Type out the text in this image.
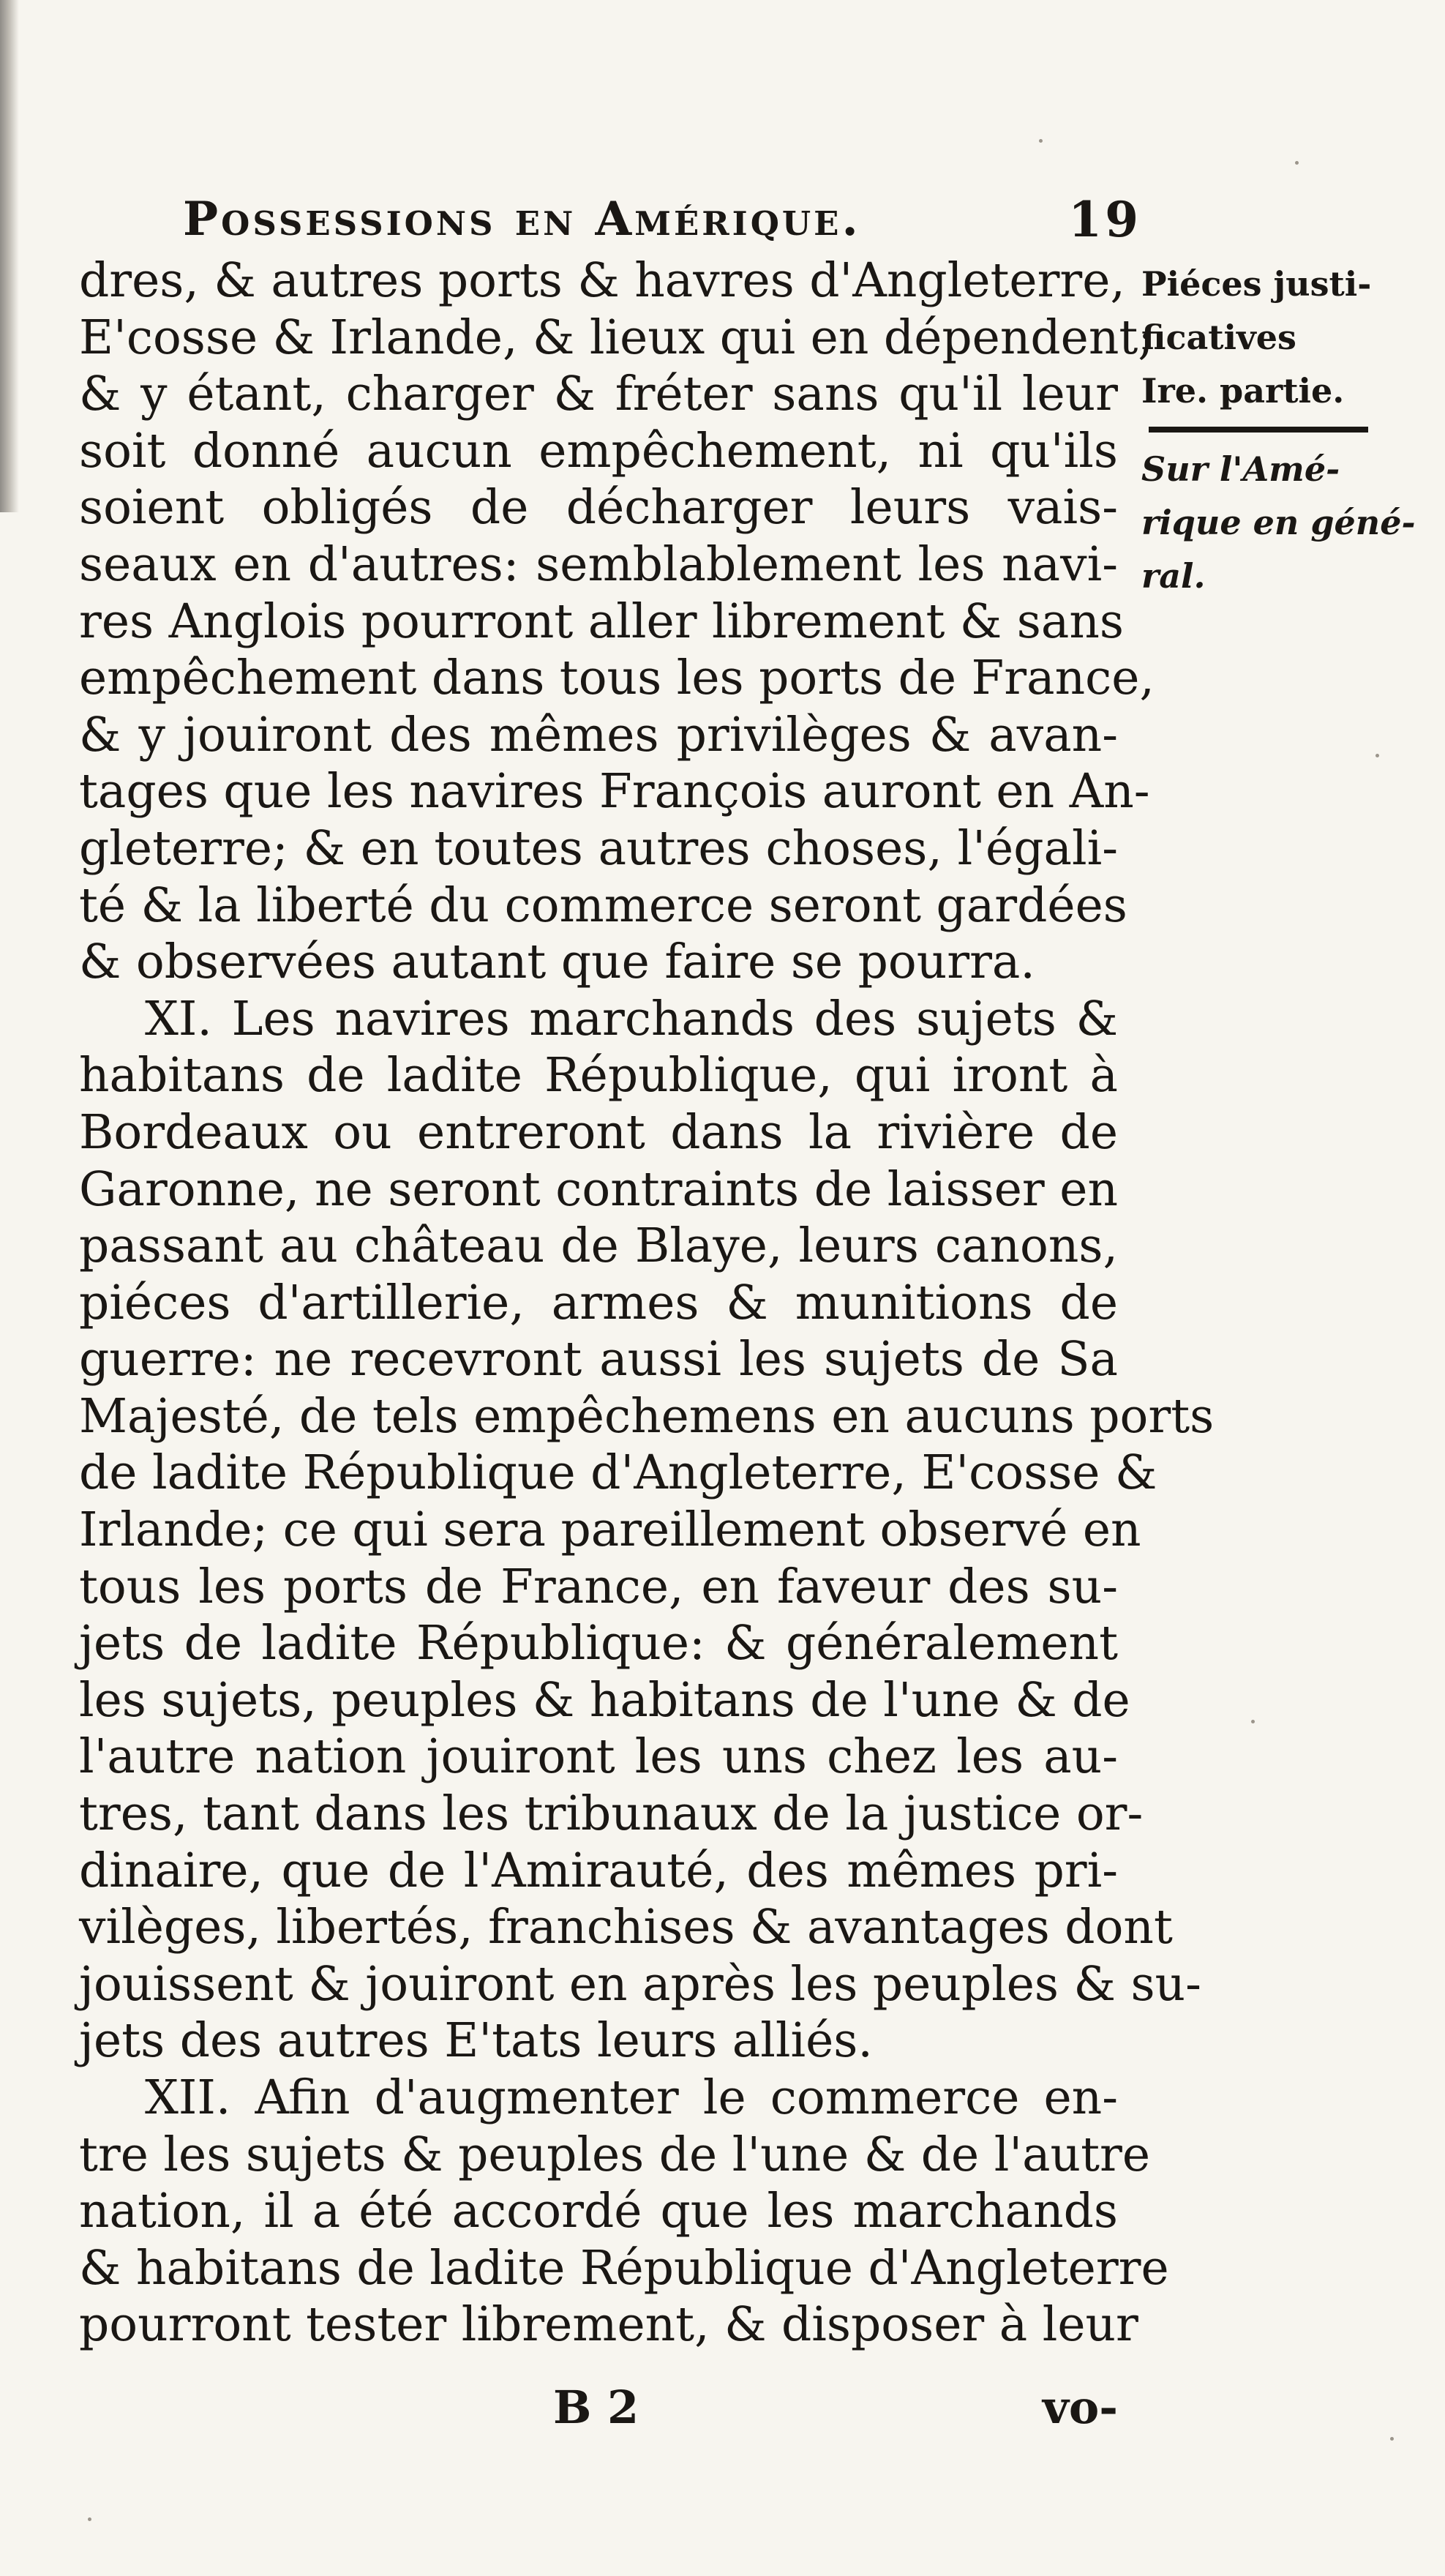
Possessions en Amérique.	19
dres, & autres ports & havres d'Angleterre,
E'cosse & Irlande, & lieux qui en dépendent;
& y étant, charger & fréter sans qu'il leur
soit donné aucun empêchement, ni qu'ils
soient obligés de décharger leurs vais-
seaux en d'autres: semblablement les navi-
res Anglois pourront aller librement & sans
empêchement dans tous les ports de France,
& y jouiront des mêmes privilèges & avan-
tages que les navires François auront en An-
gleterre; & en toutes autres choses, l'égali-
té & la liberté du commerce seront gardées
& observées autant que faire se pourra.
XI. Les navires marchands des sujets &
habitans de ladite République, qui iront à
Bordeaux ou entreront dans la rivière de
Garonne, ne seront contraints de laisser en
passant au château de Blaye, leurs canons,
piéces d'artillerie, armes & munitions de
guerre: ne recevront aussi les sujets de Sa
Majesté, de tels empêchemens en aucuns ports
de ladite République d'Angleterre, E'cosse &
Irlande; ce qui sera pareillement observé en
tous les ports de France, en faveur des su-
jets de ladite République: & généralement
les sujets, peuples & habitans de l'une & de
l'autre nation jouiront les uns chez les au-
tres, tant dans les tribunaux de la justice or-
dinaire, que de l'Amirauté, des mêmes pri-
vilèges, libertés, franchises & avantages dont
jouissent & jouiront en après les peuples & su-
jets des autres E'tats leurs alliés.
XII. Afin d'augmenter le commerce en-
tre les sujets & peuples de l'une & de l'autre
nation, il a été accordé que les marchands
& habitans de ladite République d'Angleterre
pourront tester librement, & disposer à leur
Piéces justi-
ficatives
Ire. partie.
Sur l'Amé-
rique en géné-
ral.
B 2	vo-
